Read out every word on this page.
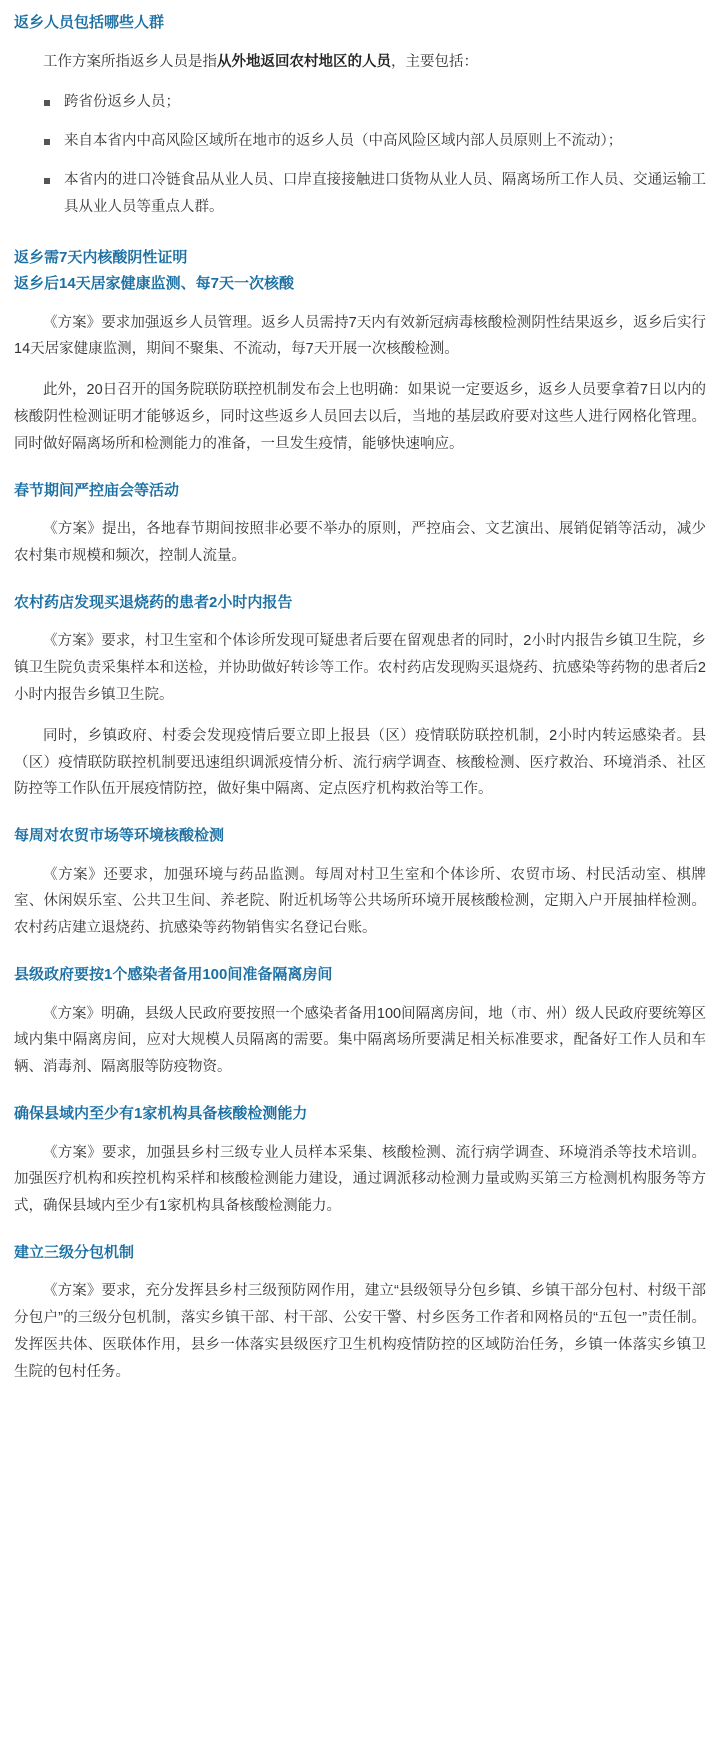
返乡人员包括哪些人群

工作方案所指返乡人员是指从外地返回农村地区的人员，主要包括：

跨省份返乡人员；
来自本省内中高风险区域所在地市的返乡人员（中高风险区域内部人员原则上不流动）；
本省内的进口冷链食品从业人员、口岸直接接触进口货物从业人员、隔离场所工作人员、交通运输工具从业人员等重点人群。
返乡需7天内核酸阴性证明
返乡后14天居家健康监测、每7天一次核酸

《方案》要求加强返乡人员管理。返乡人员需持7天内有效新冠病毒核酸检测阴性结果返乡，返乡后实行14天居家健康监测，期间不聚集、不流动，每7天开展一次核酸检测。

此外，20日召开的国务院联防联控机制发布会上也明确：如果说一定要返乡，返乡人员要拿着7日以内的核酸阴性检测证明才能够返乡，同时这些返乡人员回去以后，当地的基层政府要对这些人进行网格化管理。同时做好隔离场所和检测能力的准备，一旦发生疫情，能够快速响应。

春节期间严控庙会等活动

《方案》提出，各地春节期间按照非必要不举办的原则，严控庙会、文艺演出、展销促销等活动，减少农村集市规模和频次，控制人流量。

农村药店发现买退烧药的患者2小时内报告

《方案》要求，村卫生室和个体诊所发现可疑患者后要在留观患者的同时，2小时内报告乡镇卫生院，乡镇卫生院负责采集样本和送检，并协助做好转诊等工作。农村药店发现购买退烧药、抗感染等药物的患者后2小时内报告乡镇卫生院。

同时，乡镇政府、村委会发现疫情后要立即上报县（区）疫情联防联控机制，2小时内转运感染者。县（区）疫情联防联控机制要迅速组织调派疫情分析、流行病学调查、核酸检测、医疗救治、环境消杀、社区防控等工作队伍开展疫情防控，做好集中隔离、定点医疗机构救治等工作。

每周对农贸市场等环境核酸检测

《方案》还要求，加强环境与药品监测。每周对村卫生室和个体诊所、农贸市场、村民活动室、棋牌室、休闲娱乐室、公共卫生间、养老院、附近机场等公共场所环境开展核酸检测，定期入户开展抽样检测。农村药店建立退烧药、抗感染等药物销售实名登记台账。

县级政府要按1个感染者备用100间准备隔离房间

《方案》明确，县级人民政府要按照一个感染者备用100间隔离房间，地（市、州）级人民政府要统筹区域内集中隔离房间，应对大规模人员隔离的需要。集中隔离场所要满足相关标准要求，配备好工作人员和车辆、消毒剂、隔离服等防疫物资。

确保县域内至少有1家机构具备核酸检测能力

《方案》要求，加强县乡村三级专业人员样本采集、核酸检测、流行病学调查、环境消杀等技术培训。加强医疗机构和疾控机构采样和核酸检测能力建设，通过调派移动检测力量或购买第三方检测机构服务等方式，确保县域内至少有1家机构具备核酸检测能力。

建立三级分包机制

《方案》要求，充分发挥县乡村三级预防网作用，建立“县级领导分包乡镇、乡镇干部分包村、村级干部分包户”的三级分包机制，落实乡镇干部、村干部、公安干警、村乡医务工作者和网格员的“五包一”责任制。发挥医共体、医联体作用，县乡一体落实县级医疗卫生机构疫情防控的区域防治任务，乡镇一体落实乡镇卫生院的包村任务。
